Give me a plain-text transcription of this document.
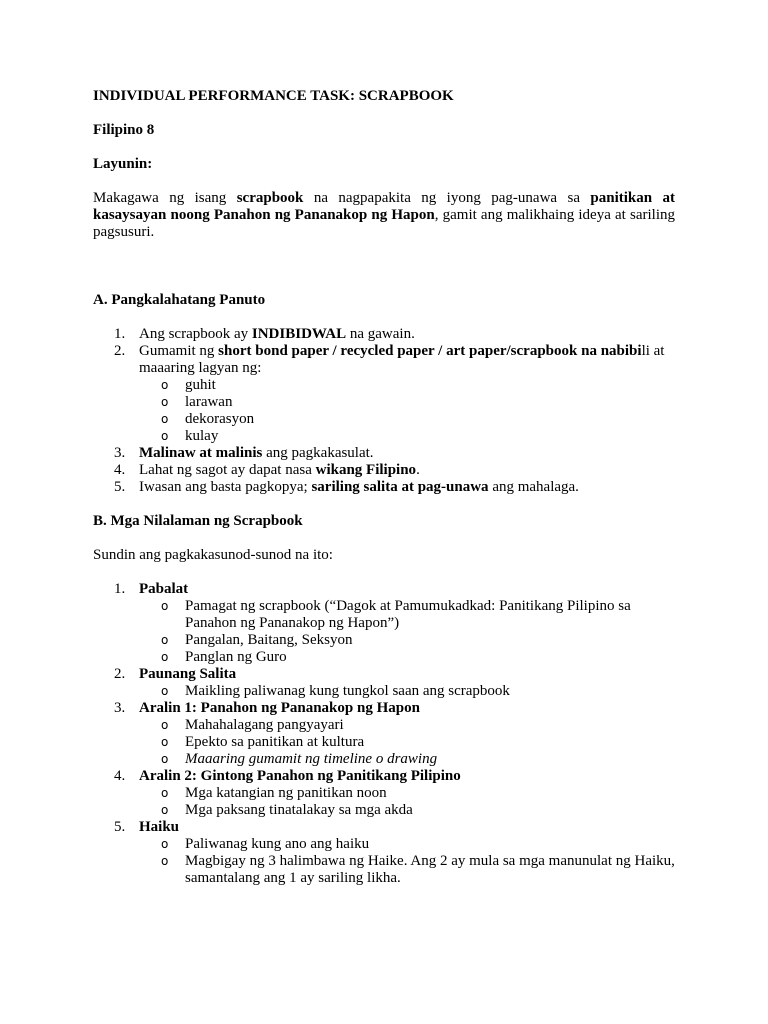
INDIVIDUAL PERFORMANCE TASK: SCRAPBOOK

Filipino 8

Layunin:

Makagawa ng isang scrapbook na nagpapakita ng iyong pag-unawa sa panitikan at kasaysayan noong Panahon ng Pananakop ng Hapon, gamit ang malikhaing ideya at sariling pagsusuri.

A. Pangkalahatang Panuto

1. Ang scrapbook ay INDIBIDWAL na gawain.
2. Gumamit ng short bond paper / recycled paper / art paper/scrapbook na nabibili at maaaring lagyan ng:
o guhit
o larawan
o dekorasyon
o kulay
3. Malinaw at malinis ang pagkakasulat.
4. Lahat ng sagot ay dapat nasa wikang Filipino.
5. Iwasan ang basta pagkopya; sariling salita at pag-unawa ang mahalaga.

B. Mga Nilalaman ng Scrapbook

Sundin ang pagkakasunod-sunod na ito:

1. Pabalat
o Pamagat ng scrapbook (“Dagok at Pamumukadkad: Panitikang Pilipino sa Panahon ng Pananakop ng Hapon”)
o Pangalan, Baitang, Seksyon
o Panglan ng Guro
2. Paunang Salita
o Maikling paliwanag kung tungkol saan ang scrapbook
3. Aralin 1: Panahon ng Pananakop ng Hapon
o Mahahalagang pangyayari
o Epekto sa panitikan at kultura
o Maaaring gumamit ng timeline o drawing
4. Aralin 2: Gintong Panahon ng Panitikang Pilipino
o Mga katangian ng panitikan noon
o Mga paksang tinatalakay sa mga akda
5. Haiku
o Paliwanag kung ano ang haiku
o Magbigay ng 3 halimbawa ng Haike. Ang 2 ay mula sa mga manunulat ng Haiku, samantalang ang 1 ay sariling likha.
